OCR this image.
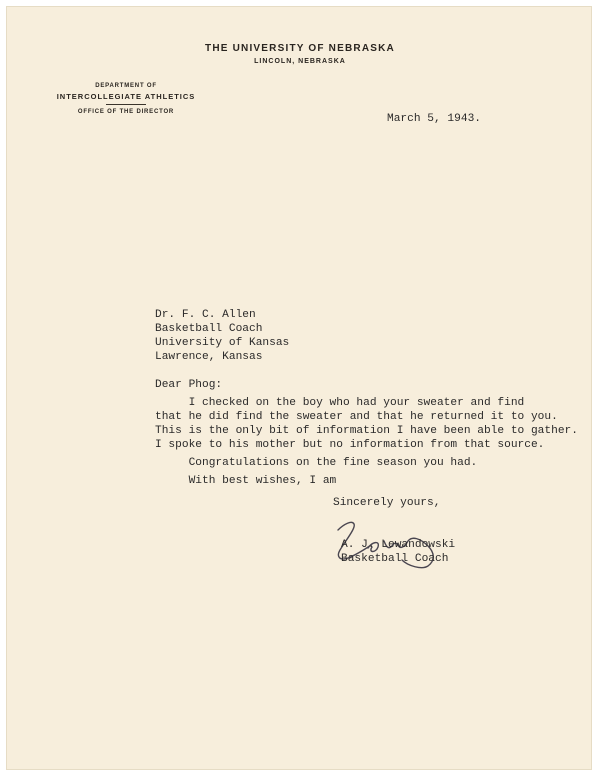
THE UNIVERSITY OF NEBRASKA
LINCOLN, NEBRASKA
DEPARTMENT OF
INTERCOLLEGIATE ATHLETICS
OFFICE OF THE DIRECTOR
March 5, 1943.
Dr. F. C. Allen
Basketball Coach
University of Kansas
Lawrence, Kansas
Dear Phog:
I checked on the boy who had your sweater and find
that he did find the sweater and that he returned it to you.
This is the only bit of information I have been able to gather.
I spoke to his mother but no information from that source.
Congratulations on the fine season you had.
With best wishes, I am
Sincerely yours,
A. J. Lewandowski
Basketball Coach
